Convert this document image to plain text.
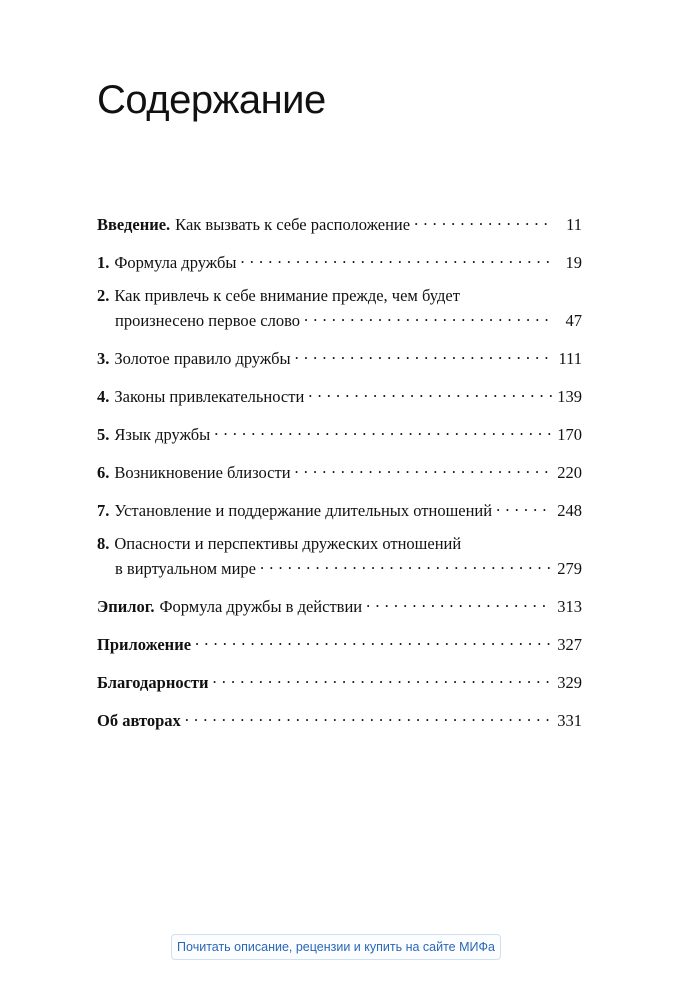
Содержание
Введение. Как вызвать к себе расположение . . .	11
1. Формула дружбы . . .	19
2. Как привлечь к себе внимание прежде, чем будет
произнесено первое слово . . .	47
3. Золотое правило дружбы . . .	111
4. Законы привлекательности . . .	139
5. Язык дружбы . . .	170
6. Возникновение близости . . .	220
7. Установление и поддержание длительных отношений . . .	248
8. Опасности и перспективы дружеских отношений
в виртуальном мире . . .	279
Эпилог. Формула дружбы в действии . . .	313
Приложение . . .	327
Благодарности . . .	329
Об авторах . . .	331
Почитать описание, рецензии и купить на сайте МИФа
